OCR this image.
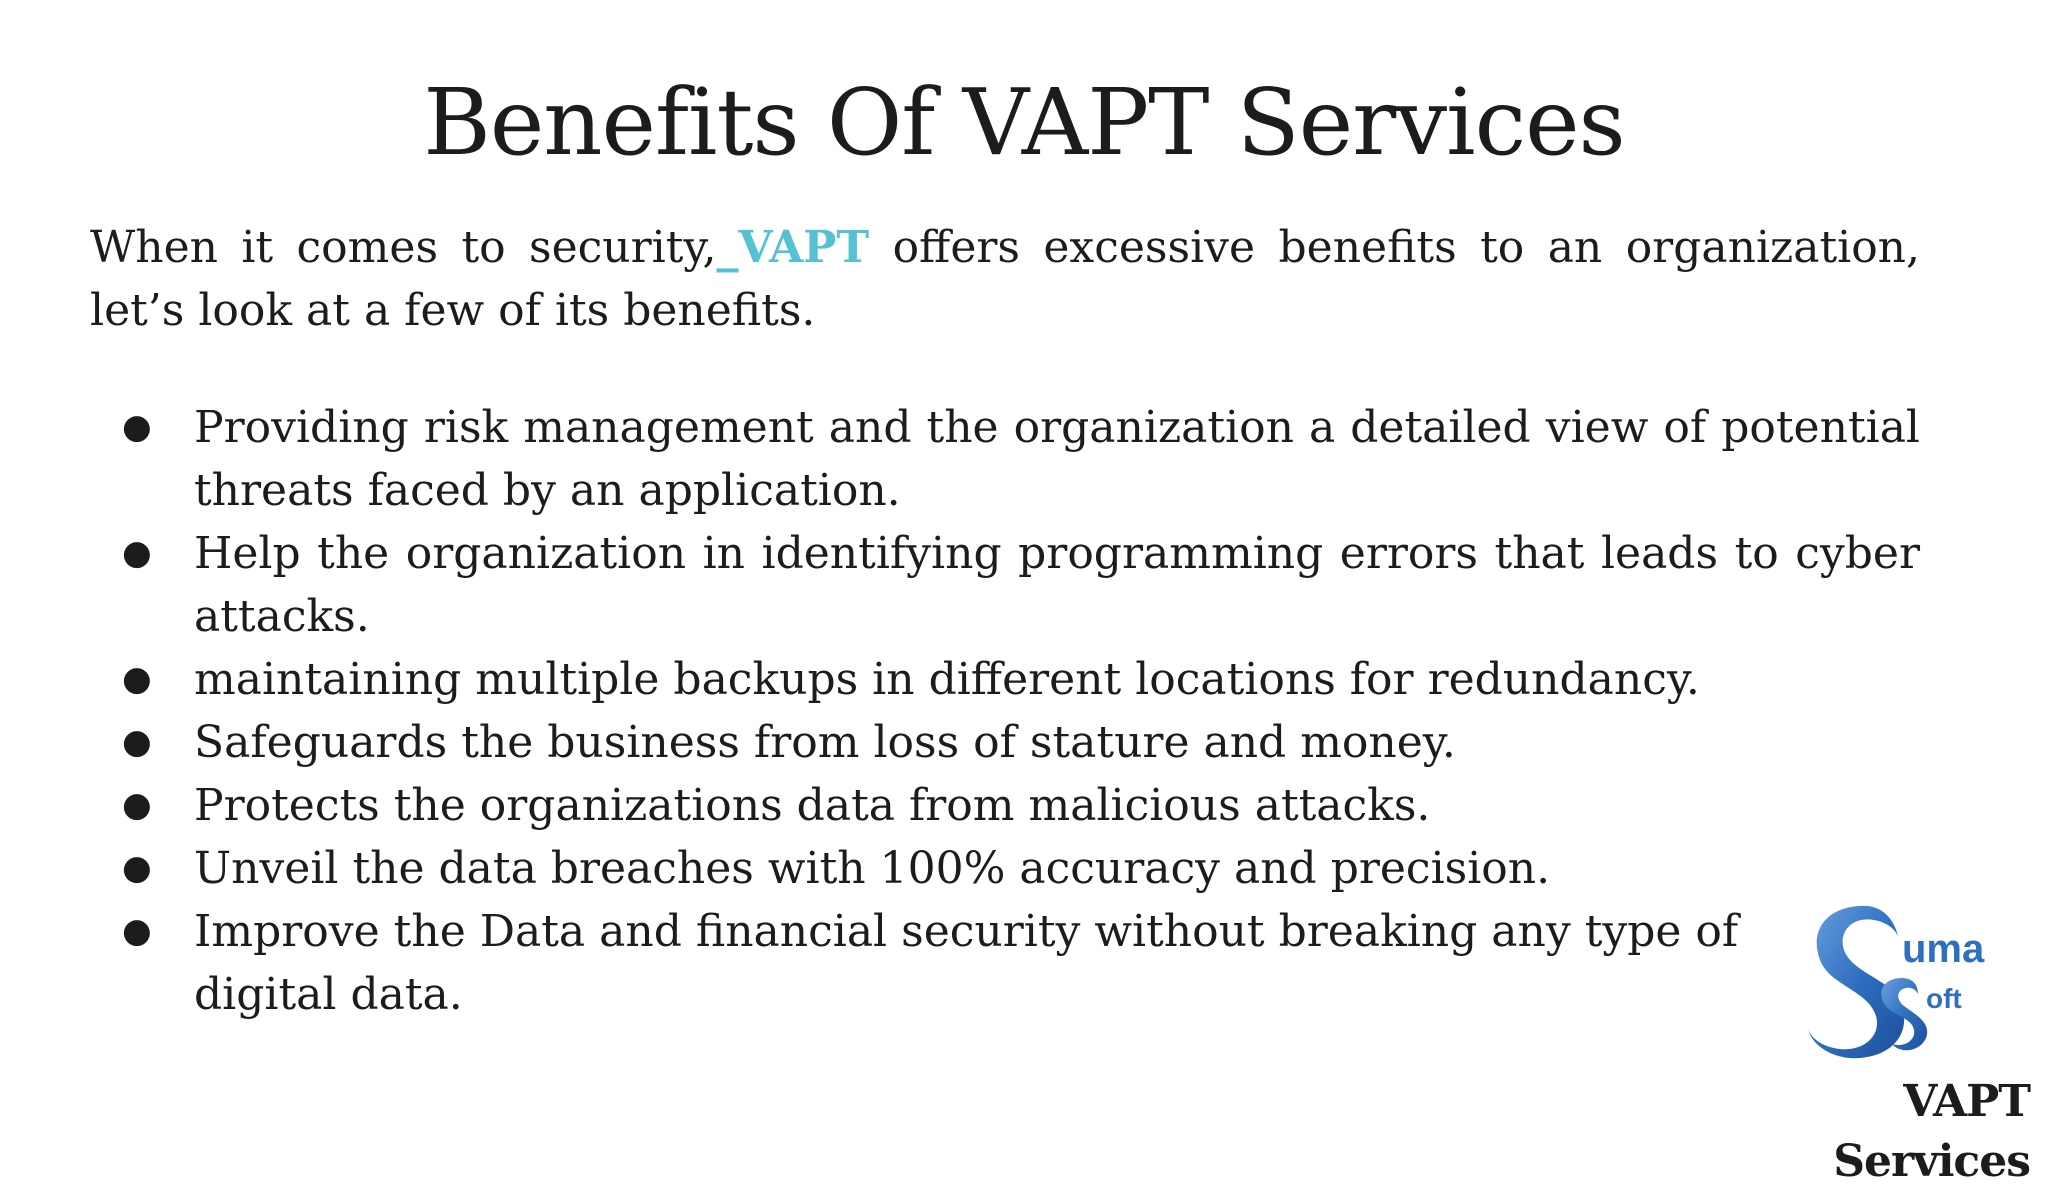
Benefits Of VAPT Services

When it comes to security,_VAPT offers excessive benefits to an organization, let’s look at a few of its benefits.

● Providing risk management and the organization a detailed view of potential threats faced by an application.
● Help the organization in identifying programming errors that leads to cyber attacks.
● maintaining multiple backups in different locations for redundancy.
● Safeguards the business from loss of stature and money.
● Protects the organizations data from malicious attacks.
● Unveil the data breaches with 100% accuracy and precision.
● Improve the Data and financial security without breaking any type of digital data.
uma
oft
VAPT Services
